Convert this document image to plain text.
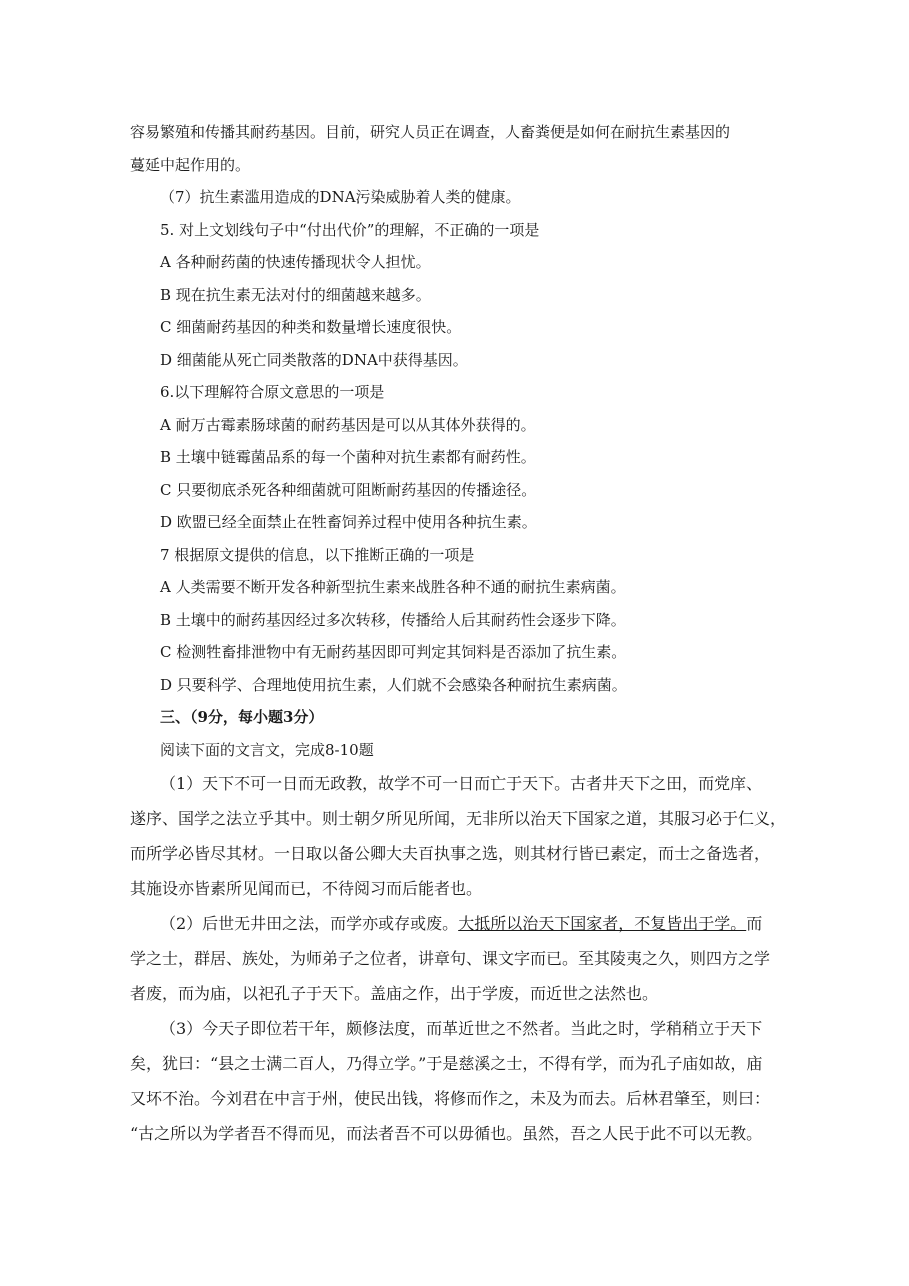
容易繁殖和传播其耐药基因。目前，研究人员正在调查，人畜粪便是如何在耐抗生素基因的
蔓延中起作用的。
（7）抗生素滥用造成的DNA污染威胁着人类的健康。
5. 对上文划线句子中“付出代价”的理解，不正确的一项是
A 各种耐药菌的快速传播现状令人担忧。
B 现在抗生素无法对付的细菌越来越多。
C 细菌耐药基因的种类和数量增长速度很快。
D 细菌能从死亡同类散落的DNA中获得基因。
6.以下理解符合原文意思的一项是
A 耐万古霉素肠球菌的耐药基因是可以从其体外获得的。
B 土壤中链霉菌品系的每一个菌种对抗生素都有耐药性。
C 只要彻底杀死各种细菌就可阻断耐药基因的传播途径。
D 欧盟已经全面禁止在牲畜饲养过程中使用各种抗生素。
7 根据原文提供的信息，以下推断正确的一项是
A 人类需要不断开发各种新型抗生素来战胜各种不通的耐抗生素病菌。
B 土壤中的耐药基因经过多次转移，传播给人后其耐药性会逐步下降。
C 检测牲畜排泄物中有无耐药基因即可判定其饲料是否添加了抗生素。
D 只要科学、合理地使用抗生素，人们就不会感染各种耐抗生素病菌。
三、（9分，每小题3分）
阅读下面的文言文，完成8-10题
（1）天下不可一日而无政教，故学不可一日而亡于天下。古者井天下之田，而党庠、
遂序、国学之法立乎其中。则士朝夕所见所闻，无非所以治天下国家之道，其服习必于仁义，
而所学必皆尽其材。一日取以备公卿大夫百执事之选，则其材行皆已素定，而士之备选者，
其施设亦皆素所见闻而已，不待阅习而后能者也。
（2）后世无井田之法，而学亦或存或废。大抵所以治天下国家者，不复皆出于学。而
学之士，群居、族处，为师弟子之位者，讲章句、课文字而已。至其陵夷之久，则四方之学
者废，而为庙，以祀孔子于天下。盖庙之作，出于学废，而近世之法然也。
（3）今天子即位若干年，颇修法度，而革近世之不然者。当此之时，学稍稍立于天下
矣，犹曰：“县之士满二百人，乃得立学。”于是慈溪之士，不得有学，而为孔子庙如故，庙
又坏不治。今刘君在中言于州，使民出钱，将修而作之，未及为而去。后林君肇至，则曰：
“古之所以为学者吾不得而见，而法者吾不可以毋循也。虽然，吾之人民于此不可以无教。
